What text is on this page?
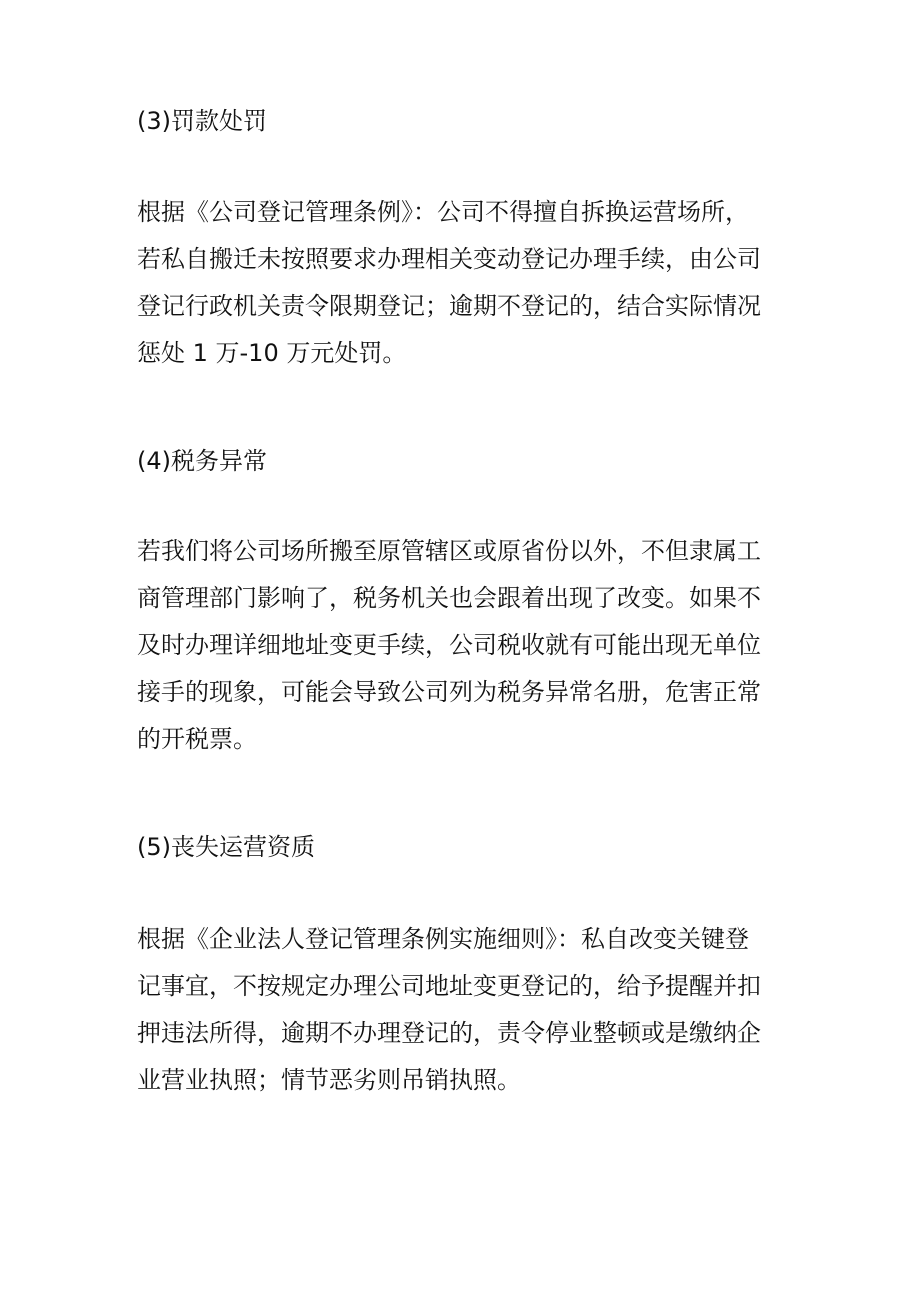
(3)罚款处罚

根据《公司登记管理条例》：公司不得擅自拆换运营场所，
若私自搬迁未按照要求办理相关变动登记办理手续，由公司
登记行政机关责令限期登记；逾期不登记的，结合实际情况
惩处 1 万-10 万元处罚。

(4)税务异常

若我们将公司场所搬至原管辖区或原省份以外，不但隶属工
商管理部门影响了，税务机关也会跟着出现了改变。如果不
及时办理详细地址变更手续，公司税收就有可能出现无单位
接手的现象，可能会导致公司列为税务异常名册，危害正常
的开税票。

(5)丧失运营资质

根据《企业法人登记管理条例实施细则》：私自改变关键登
记事宜，不按规定办理公司地址变更登记的，给予提醒并扣
押违法所得，逾期不办理登记的，责令停业整顿或是缴纳企
业营业执照；情节恶劣则吊销执照。
